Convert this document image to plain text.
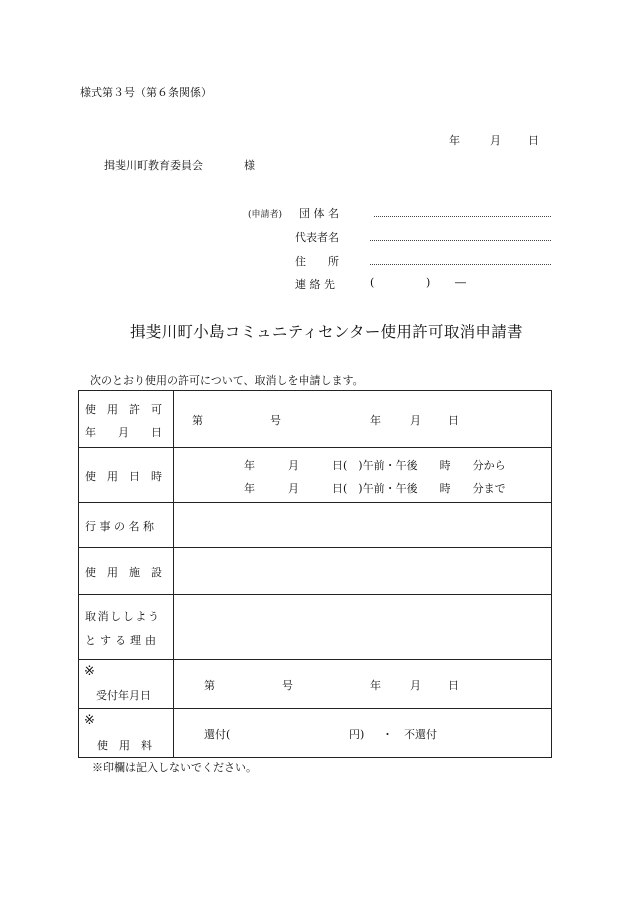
様式第３号（第６条関係）
年	月 日
揖斐川町教育委員会	様
(申請者) 団 体 名
代表者名
住　　所
連 絡 先	(	) ―
揖斐川町小島コミュニティセンター使用許可取消申請書
次のとおり使用の許可について、取消しを申請します。
使　用　許　可
年　　月　　日	第 号 年 月 日

使　用　日　時	年　　　月　　　日(　)午前・午後　　時　　分から
年　　　月　　　日(　)午前・午後　　時　　分まで

行 事 の 名 称	

使　用　施　設	

取消ししよう
とする理由	

※
受付年月日	第 号 年 月 日

※
使　用　料	還付( 円) ・ 不還付
※印欄は記入しないでください。
